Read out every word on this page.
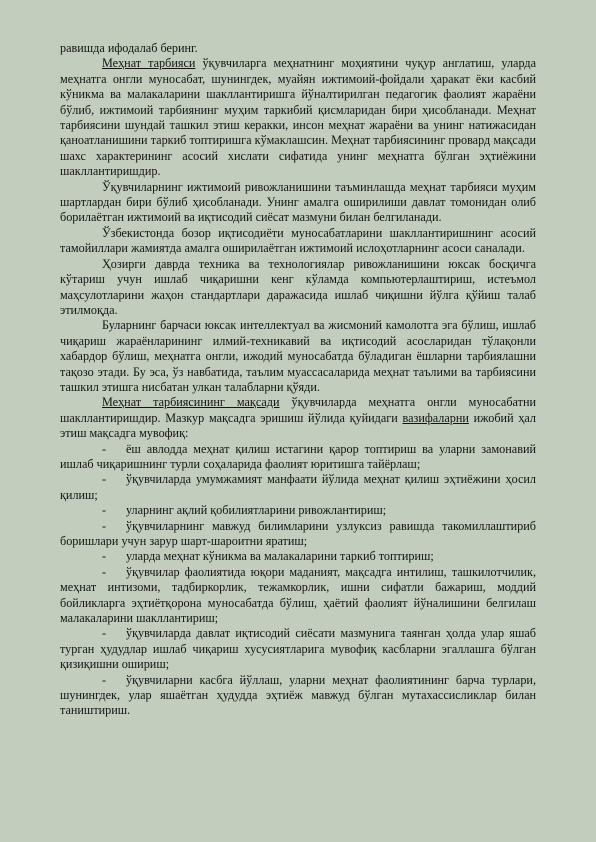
равишда ифодалаб беринг.

Меҳнат тарбияси ўқувчиларга меҳнатнинг моҳиятини чуқур англатиш, уларда меҳнатга онгли муносабат, шунингдек, муайян ижтимоий-фойдали ҳаракат ёки касбий кўникма ва малакаларини шакллантиришга йўналтирилган педагогик фаолият жараёни бўлиб, ижтимоий тарбиянинг муҳим таркибий қисмларидан бири ҳисобланади. Меҳнат тарбиясини шундай ташкил этиш керакки, инсон меҳнат жараёни ва унинг натижасидан қаноатланишини таркиб топтиришга кўмаклашсин. Меҳнат тарбиясининг провард мақсади шахс характерининг асосий хислати сифатида унинг меҳнатга бўлган эҳтиёжини шакллантиришдир.

Ўқувчиларнинг ижтимоий ривожланишини таъминлашда меҳнат тарбияси муҳим шартлардан бири бўлиб ҳисобланади. Унинг амалга оширилиши давлат томонидан олиб борилаётган ижтимоий ва иқтисодий сиёсат мазмуни билан белгиланади.

Ўзбекистонда бозор иқтисодиёти муносабатларини шакллантиришнинг асосий тамойиллари жамиятда амалга оширилаётган ижтимоий ислоҳотларнинг асоси саналади.

Ҳозирги даврда техника ва технологиялар ривожланишини юксак босқичга кўтариш учун ишлаб чиқаришни кенг кўламда компьютерлаштириш, истеъмол маҳсулотларини жаҳон стандартлари даражасида ишлаб чиқишни йўлга қўйиш талаб этилмоқда.

Буларнинг барчаси юксак интеллектуал ва жисмоний камолотга эга бўлиш, ишлаб чиқариш жараёнларининг илмий-техникавий ва иқтисодий асосларидан тўлақонли хабардор бўлиш, меҳнатга онгли, ижодий муносабатда бўладиган ёшларни тарбиялашни тақозо этади. Бу эса, ўз навбатида, таълим муассасаларида меҳнат таълими ва тарбиясини ташкил этишга нисбатан улкан талабларни қўяди.

Меҳнат тарбиясининг мақсади ўқувчиларда меҳнатга онгли муносабатни шакллантиришдир. Мазкур мақсадга эришиш йўлида қуйидаги вазифаларни ижобий ҳал этиш мақсадга мувофиқ:

- ёш авлодда меҳнат қилиш истагини қарор топтириш ва уларни замонавий ишлаб чиқаришнинг турли соҳаларида фаолият юритишга тайёрлаш;

- ўқувчиларда умумжамият манфаати йўлида меҳнат қилиш эҳтиёжини ҳосил қилиш;

- уларнинг ақлий қобилиятларини ривожлантириш;

- ўқувчиларнинг мавжуд билимларини узлуксиз равишда такомиллаштириб боришлари учун зарур шарт-шароитни яратиш;

- уларда меҳнат кўникма ва малакаларини таркиб топтириш;

- ўқувчилар фаолиятида юқори маданият, мақсадга интилиш, ташкилотчилик, меҳнат интизоми, тадбиркорлик, тежамкорлик, ишни сифатли бажариш, моддий бойликларга эҳтиётқорона муносабатда бўлиш, ҳаётий фаолият йўналишини белгилаш малакаларини шакллантириш;

- ўқувчиларда давлат иқтисодий сиёсати мазмунига таянган ҳолда улар яшаб турган ҳудудлар ишлаб чиқариш хусусиятларига мувофиқ касбларни эгаллашга бўлган қизиқишни ошириш;

- ўқувчиларни касбга йўллаш, уларни меҳнат фаолиятининг барча турлари, шунингдек, улар яшаётган ҳудудда эҳтиёж мавжуд бўлган мутахассисликлар билан таништириш.
